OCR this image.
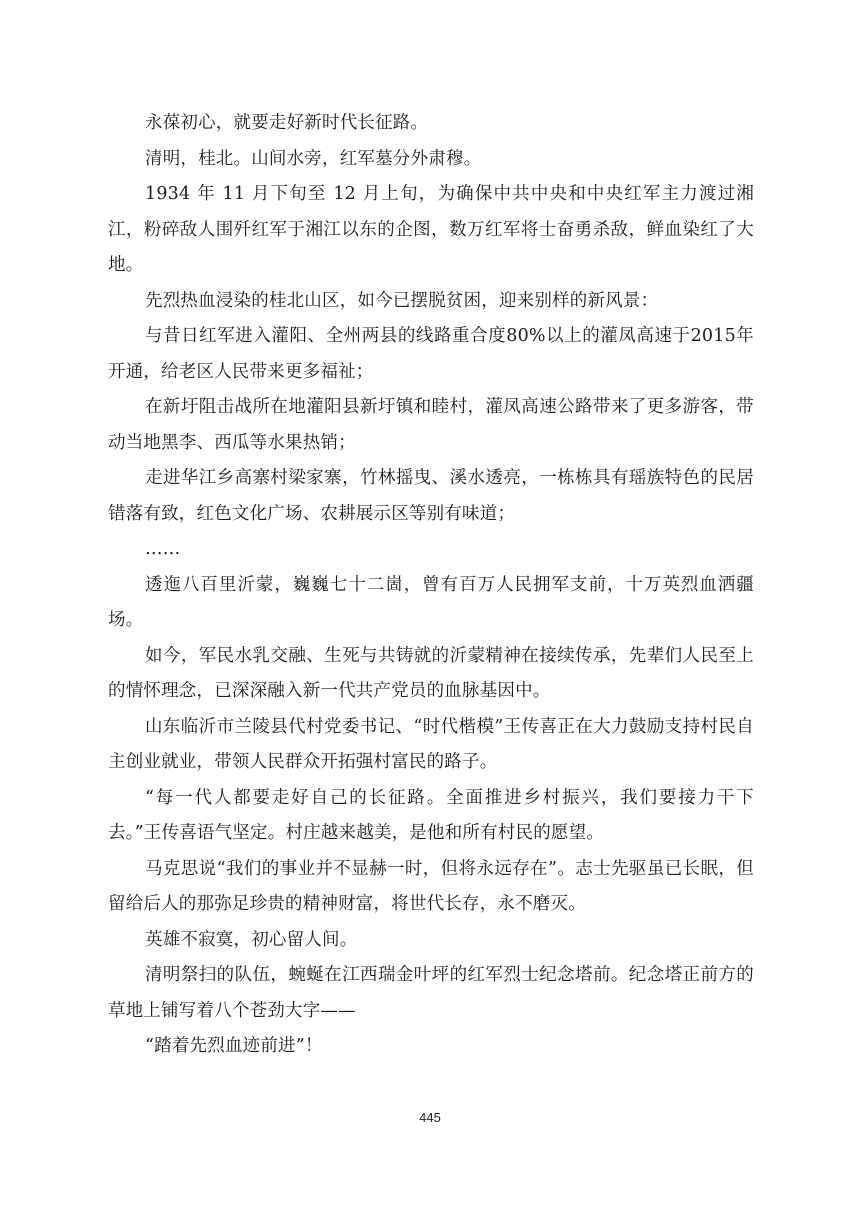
永葆初心，就要走好新时代长征路。

清明，桂北。山间水旁，红军墓分外肃穆。

1934 年 11 月下旬至 12 月上旬，为确保中共中央和中央红军主力渡过湘江，粉碎敌人围歼红军于湘江以东的企图，数万红军将士奋勇杀敌，鲜血染红了大地。

先烈热血浸染的桂北山区，如今已摆脱贫困，迎来别样的新风景：

与昔日红军进入灌阳、全州两县的线路重合度80%以上的灌凤高速于2015年开通，给老区人民带来更多福祉；

在新圩阻击战所在地灌阳县新圩镇和睦村，灌凤高速公路带来了更多游客，带动当地黑李、西瓜等水果热销；

走进华江乡高寨村梁家寨，竹林摇曳、溪水透亮，一栋栋具有瑶族特色的民居错落有致，红色文化广场、农耕展示区等别有味道；

……

透迤八百里沂蒙，巍巍七十二崮，曾有百万人民拥军支前，十万英烈血洒疆场。

如今，军民水乳交融、生死与共铸就的沂蒙精神在接续传承，先辈们人民至上的情怀理念，已深深融入新一代共产党员的血脉基因中。

山东临沂市兰陵县代村党委书记、“时代楷模”王传喜正在大力鼓励支持村民自主创业就业，带领人民群众开拓强村富民的路子。

“每一代人都要走好自己的长征路。全面推进乡村振兴，我们要接力干下去。”王传喜语气坚定。村庄越来越美，是他和所有村民的愿望。

马克思说“我们的事业并不显赫一时，但将永远存在”。志士先驱虽已长眠，但留给后人的那弥足珍贵的精神财富，将世代长存，永不磨灭。

英雄不寂寞，初心留人间。

清明祭扫的队伍，蜿蜒在江西瑞金叶坪的红军烈士纪念塔前。纪念塔正前方的草地上铺写着八个苍劲大字——

“踏着先烈血迹前进”！

445
